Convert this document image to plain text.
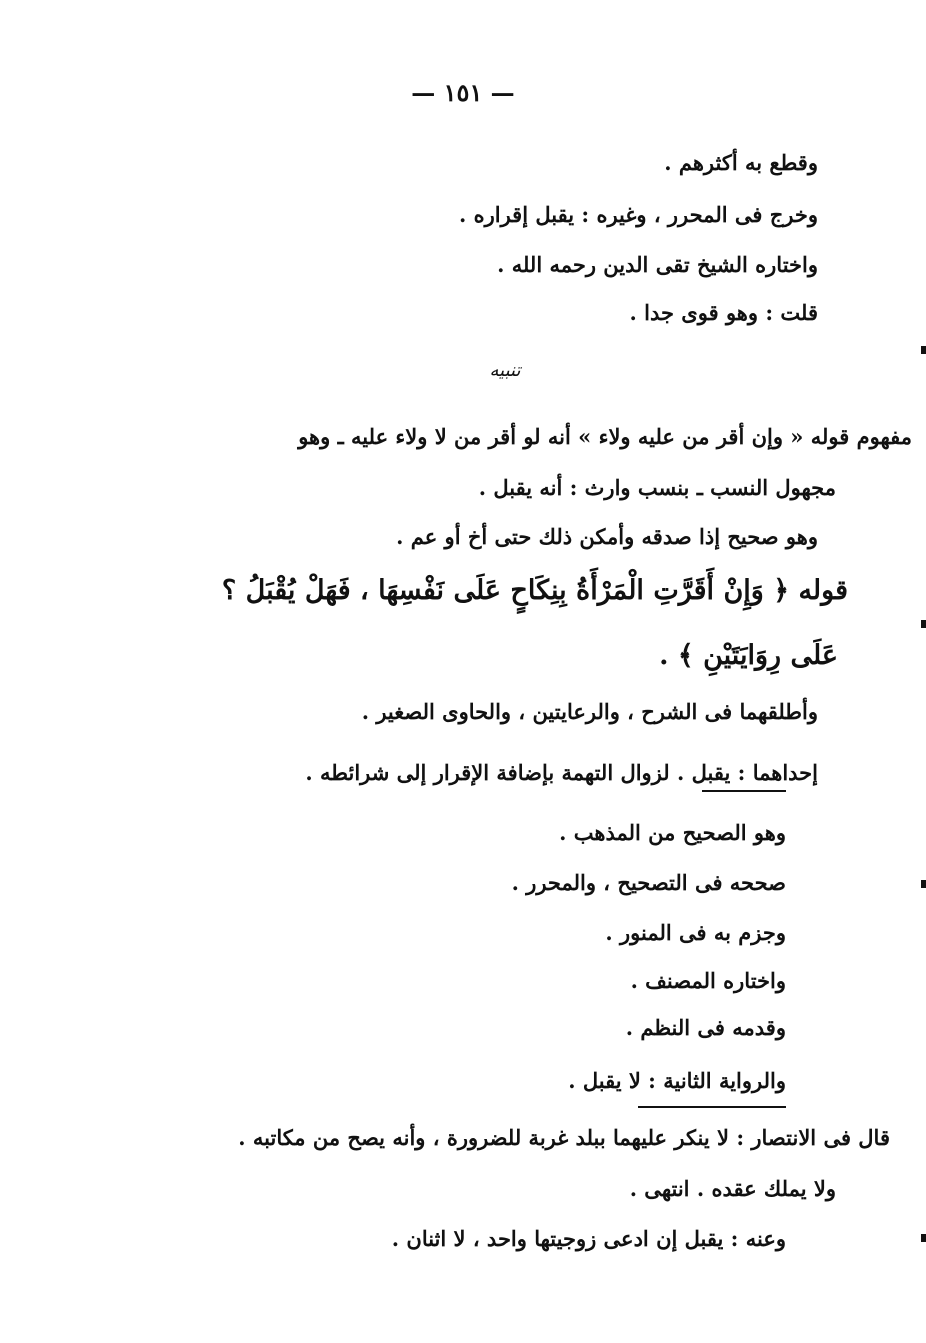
— ١٥١ —
وقطع به أكثرهم .
وخرج فى المحرر ، وغيره : يقبل إقراره .
واختاره الشيخ تقى الدين رحمه الله .
قلت : وهو قوى جدا .
تنبيه
مفهوم قوله « وإن أقر من عليه ولاء » أنه لو أقر من لا ولاء عليه ـ وهو
مجهول النسب ـ بنسب وارث : أنه يقبل .
وهو صحيح إذا صدقه وأمكن ذلك حتى أخ أو عم .
قوله ﴿ وَإِنْ أَقَرَّتِ الْمَرْأَةُ بِنِكَاحٍ عَلَى نَفْسِهَا ، فَهَلْ يُقْبَلُ ؟
عَلَى رِوَايَتَيْنِ ﴾ .
وأطلقهما فى الشرح ، والرعايتين ، والحاوى الصغير .
إحداهما : يقبل . لزوال التهمة بإضافة الإقرار إلى شرائطه .
وهو الصحيح من المذهب .
صححه فى التصحيح ، والمحرر .
وجزم به فى المنور .
واختاره المصنف .
وقدمه فى النظم .
والرواية الثانية : لا يقبل .
قال فى الانتصار : لا ينكر عليهما ببلد غربة للضرورة ، وأنه يصح من مكاتبه .
ولا يملك عقده . انتهى .
وعنه : يقبل إن ادعى زوجيتها واحد ، لا اثنان .
